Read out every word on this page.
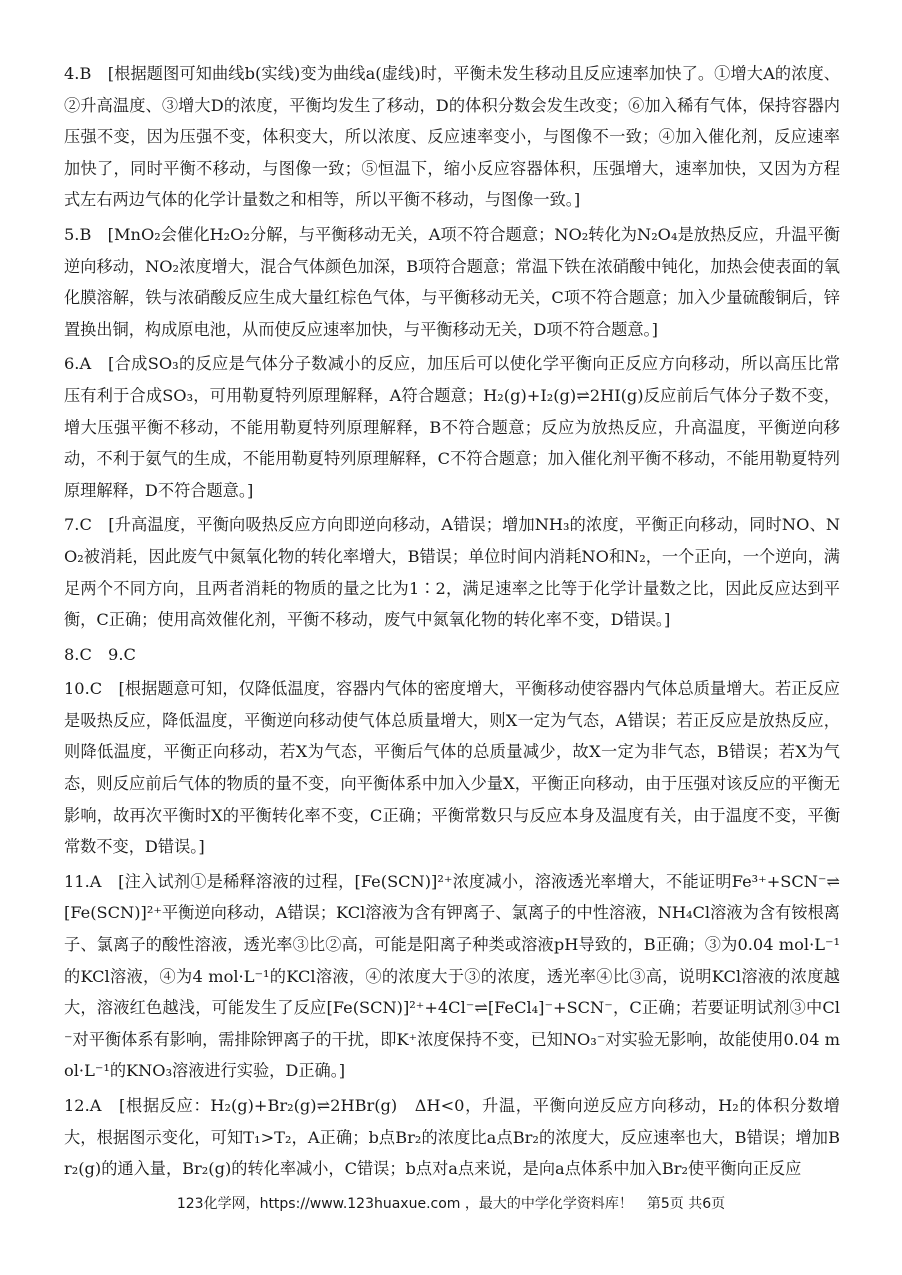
4.B　[根据题图可知曲线b(实线)变为曲线a(虚线)时，平衡未发生移动且反应速率加快了。①增大A的浓度、②升高温度、③增大D的浓度，平衡均发生了移动，D的体积分数会发生改变；⑥加入稀有气体，保持容器内压强不变，因为压强不变，体积变大，所以浓度、反应速率变小，与图像不一致；④加入催化剂，反应速率加快了，同时平衡不移动，与图像一致；⑤恒温下，缩小反应容器体积，压强增大，速率加快，又因为方程式左右两边气体的化学计量数之和相等，所以平衡不移动，与图像一致。]

5.B　[MnO₂会催化H₂O₂分解，与平衡移动无关，A项不符合题意；NO₂转化为N₂O₄是放热反应，升温平衡逆向移动，NO₂浓度增大，混合气体颜色加深，B项符合题意；常温下铁在浓硝酸中钝化，加热会使表面的氧化膜溶解，铁与浓硝酸反应生成大量红棕色气体，与平衡移动无关，C项不符合题意；加入少量硫酸铜后，锌置换出铜，构成原电池，从而使反应速率加快，与平衡移动无关，D项不符合题意。]

6.A　[合成SO₃的反应是气体分子数减小的反应，加压后可以使化学平衡向正反应方向移动，所以高压比常压有利于合成SO₃，可用勒夏特列原理解释，A符合题意；H₂(g)+I₂(g)⇌2HI(g)反应前后气体分子数不变，增大压强平衡不移动，不能用勒夏特列原理解释，B不符合题意；反应为放热反应，升高温度，平衡逆向移动，不利于氨气的生成，不能用勒夏特列原理解释，C不符合题意；加入催化剂平衡不移动，不能用勒夏特列原理解释，D不符合题意。]

7.C　[升高温度，平衡向吸热反应方向即逆向移动，A错误；增加NH₃的浓度，平衡正向移动，同时NO、NO₂被消耗，因此废气中氮氧化物的转化率增大，B错误；单位时间内消耗NO和N₂，一个正向，一个逆向，满足两个不同方向，且两者消耗的物质的量之比为1∶2，满足速率之比等于化学计量数之比，因此反应达到平衡，C正确；使用高效催化剂，平衡不移动，废气中氮氧化物的转化率不变，D错误。]

8.C　9.C

10.C　[根据题意可知，仅降低温度，容器内气体的密度增大，平衡移动使容器内气体总质量增大。若正反应是吸热反应，降低温度，平衡逆向移动使气体总质量增大，则X一定为气态，A错误；若正反应是放热反应，则降低温度，平衡正向移动，若X为气态，平衡后气体的总质量减少，故X一定为非气态，B错误；若X为气态，则反应前后气体的物质的量不变，向平衡体系中加入少量X，平衡正向移动，由于压强对该反应的平衡无影响，故再次平衡时X的平衡转化率不变，C正确；平衡常数只与反应本身及温度有关，由于温度不变，平衡常数不变，D错误。]

11.A　[注入试剂①是稀释溶液的过程，[Fe(SCN)]²⁺浓度减小，溶液透光率增大，不能证明Fe³⁺+SCN⁻⇌[Fe(SCN)]²⁺平衡逆向移动，A错误；KCl溶液为含有钾离子、氯离子的中性溶液，NH₄Cl溶液为含有铵根离子、氯离子的酸性溶液，透光率③比②高，可能是阳离子种类或溶液pH导致的，B正确；③为0.04 mol·L⁻¹的KCl溶液，④为4 mol·L⁻¹的KCl溶液，④的浓度大于③的浓度，透光率④比③高，说明KCl溶液的浓度越大，溶液红色越浅，可能发生了反应[Fe(SCN)]²⁺+4Cl⁻⇌[FeCl₄]⁻+SCN⁻，C正确；若要证明试剂③中Cl⁻对平衡体系有影响，需排除钾离子的干扰，即K⁺浓度保持不变，已知NO₃⁻对实验无影响，故能使用0.04 mol·L⁻¹的KNO₃溶液进行实验，D正确。]

12.A　[根据反应：H₂(g)+Br₂(g)⇌2HBr(g)　ΔH<0，升温，平衡向逆反应方向移动，H₂的体积分数增大，根据图示变化，可知T₁>T₂，A正确；b点Br₂的浓度比a点Br₂的浓度大，反应速率也大，B错误；增加Br₂(g)的通入量，Br₂(g)的转化率减小，C错误；b点对a点来说，是向a点体系中加入Br₂使平衡向正反应

123化学网，https://www.123huaxue.com ，最大的中学化学资料库！　第5页 共6页
